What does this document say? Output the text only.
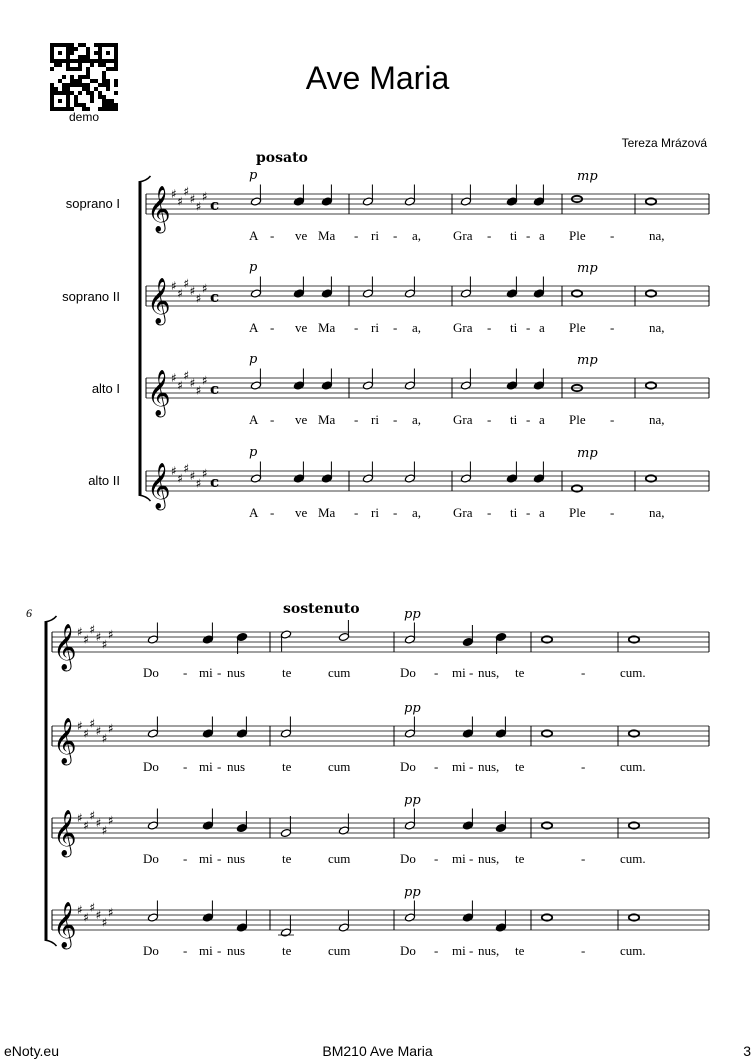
demo
Ave Maria
Tereza Mrázová
soprano I
soprano II
alto I
alto II
posato
sostenuto
6
𝄞 ♯
♯
♯
♯
♯
♯ c
𝄞 ♯
♯
♯
♯
♯
♯ c
𝄞 ♯
♯
♯
♯
♯
♯ c
𝄞 ♯
♯
♯
♯
♯
♯ c
𝄞 ♯
♯
♯
♯
♯
♯
𝄞 ♯
♯
♯
♯
♯
♯
𝄞 ♯
♯
♯
♯
♯
♯
𝄞 ♯
♯
♯
♯
♯
♯
p	mp
A - ve Ma - ri - a, Gra - ti - a Ple -	na,
p	mp
A - ve Ma - ri - a, Gra - ti - a Ple -	na,
p	mp
A - ve Ma - ri - a, Gra - ti - a Ple -	na,
p	mp
A - ve Ma - ri - a, Gra - ti - a Ple -	na,
pp
Do - mi - nus	te	cum	Do - mi - nus, te	-	cum.
pp
Do - mi - nus	te	cum	Do - mi - nus, te	-	cum.
pp
Do - mi - nus	te	cum	Do - mi - nus, te	-	cum.
pp
Do - mi - nus	te	cum	Do - mi - nus, te	-	cum.
eNoty.eu	BM210 Ave Maria	3
